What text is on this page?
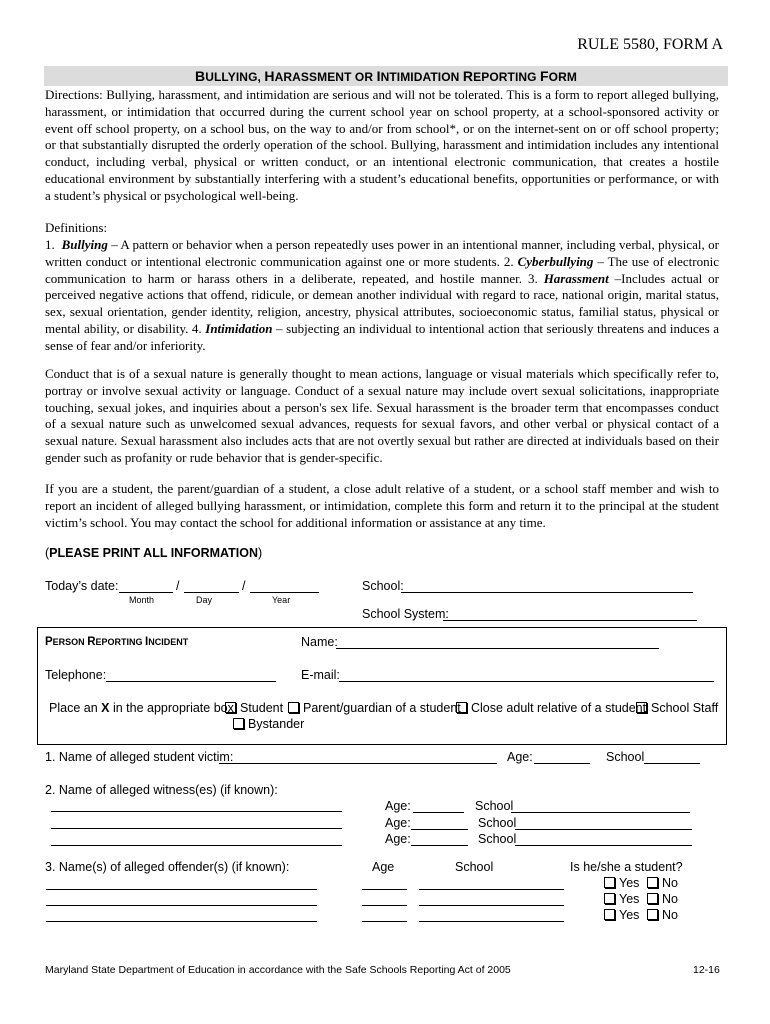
RULE 5580, FORM A
BULLYING, HARASSMENT OR INTIMIDATION REPORTING FORM
Directions: Bullying, harassment, and intimidation are serious and will not be tolerated. This is a form to report alleged bullying, harassment, or intimidation that occurred during the current school year on school property, at a school-sponsored activity or event off school property, on a school bus, on the way to and/or from school*, or on the internet-sent on or off school property; or that substantially disrupted the orderly operation of the school. Bullying, harassment and intimidation includes any intentional conduct, including verbal, physical or written conduct, or an intentional electronic communication, that creates a hostile educational environment by substantially interfering with a student’s educational benefits, opportunities or performance, or with a student’s physical or psychological well-being.
Definitions:
1. Bullying – A pattern or behavior when a person repeatedly uses power in an intentional manner, including verbal, physical, or written conduct or intentional electronic communication against one or more students. 2. Cyberbullying – The use of electronic communication to harm or harass others in a deliberate, repeated, and hostile manner. 3. Harassment –Includes actual or perceived negative actions that offend, ridicule, or demean another individual with regard to race, national origin, marital status, sex, sexual orientation, gender identity, religion, ancestry, physical attributes, socioeconomic status, familial status, physical or mental ability, or disability. 4. Intimidation – subjecting an individual to intentional action that seriously threatens and induces a sense of fear and/or inferiority.
Conduct that is of a sexual nature is generally thought to mean actions, language or visual materials which specifically refer to, portray or involve sexual activity or language. Conduct of a sexual nature may include overt sexual solicitations, inappropriate touching, sexual jokes, and inquiries about a person's sex life. Sexual harassment is the broader term that encompasses conduct of a sexual nature such as unwelcomed sexual advances, requests for sexual favors, and other verbal or physical contact of a sexual nature. Sexual harassment also includes acts that are not overtly sexual but rather are directed at individuals based on their gender such as profanity or rude behavior that is gender-specific.
If you are a student, the parent/guardian of a student, a close adult relative of a student, or a school staff member and wish to report an incident of alleged bullying harassment, or intimidation, complete this form and return it to the principal at the student victim’s school. You may contact the school for additional information or assistance at any time.
(PLEASE PRINT ALL INFORMATION)
Today’s date:	/	/
Month	Day	Year
School:
School System:
PERSON REPORTING INCIDENT	Name:
Telephone:	E-mail:
Place an X in the appropriate box: Student	Parent/guardian of a student Close adult relative of a student School Staff
Bystander
1. Name of alleged student victim:	Age:	School
2. Name of alleged witness(es) (if known):
Age:	School
Age:	School
Age:	School
3. Name(s) of alleged offender(s) (if known):	Age	School	Is he/she a student?
Yes	No
Yes	No
Yes	No
Maryland State Department of Education in accordance with the Safe Schools Reporting Act of 2005	12-16
